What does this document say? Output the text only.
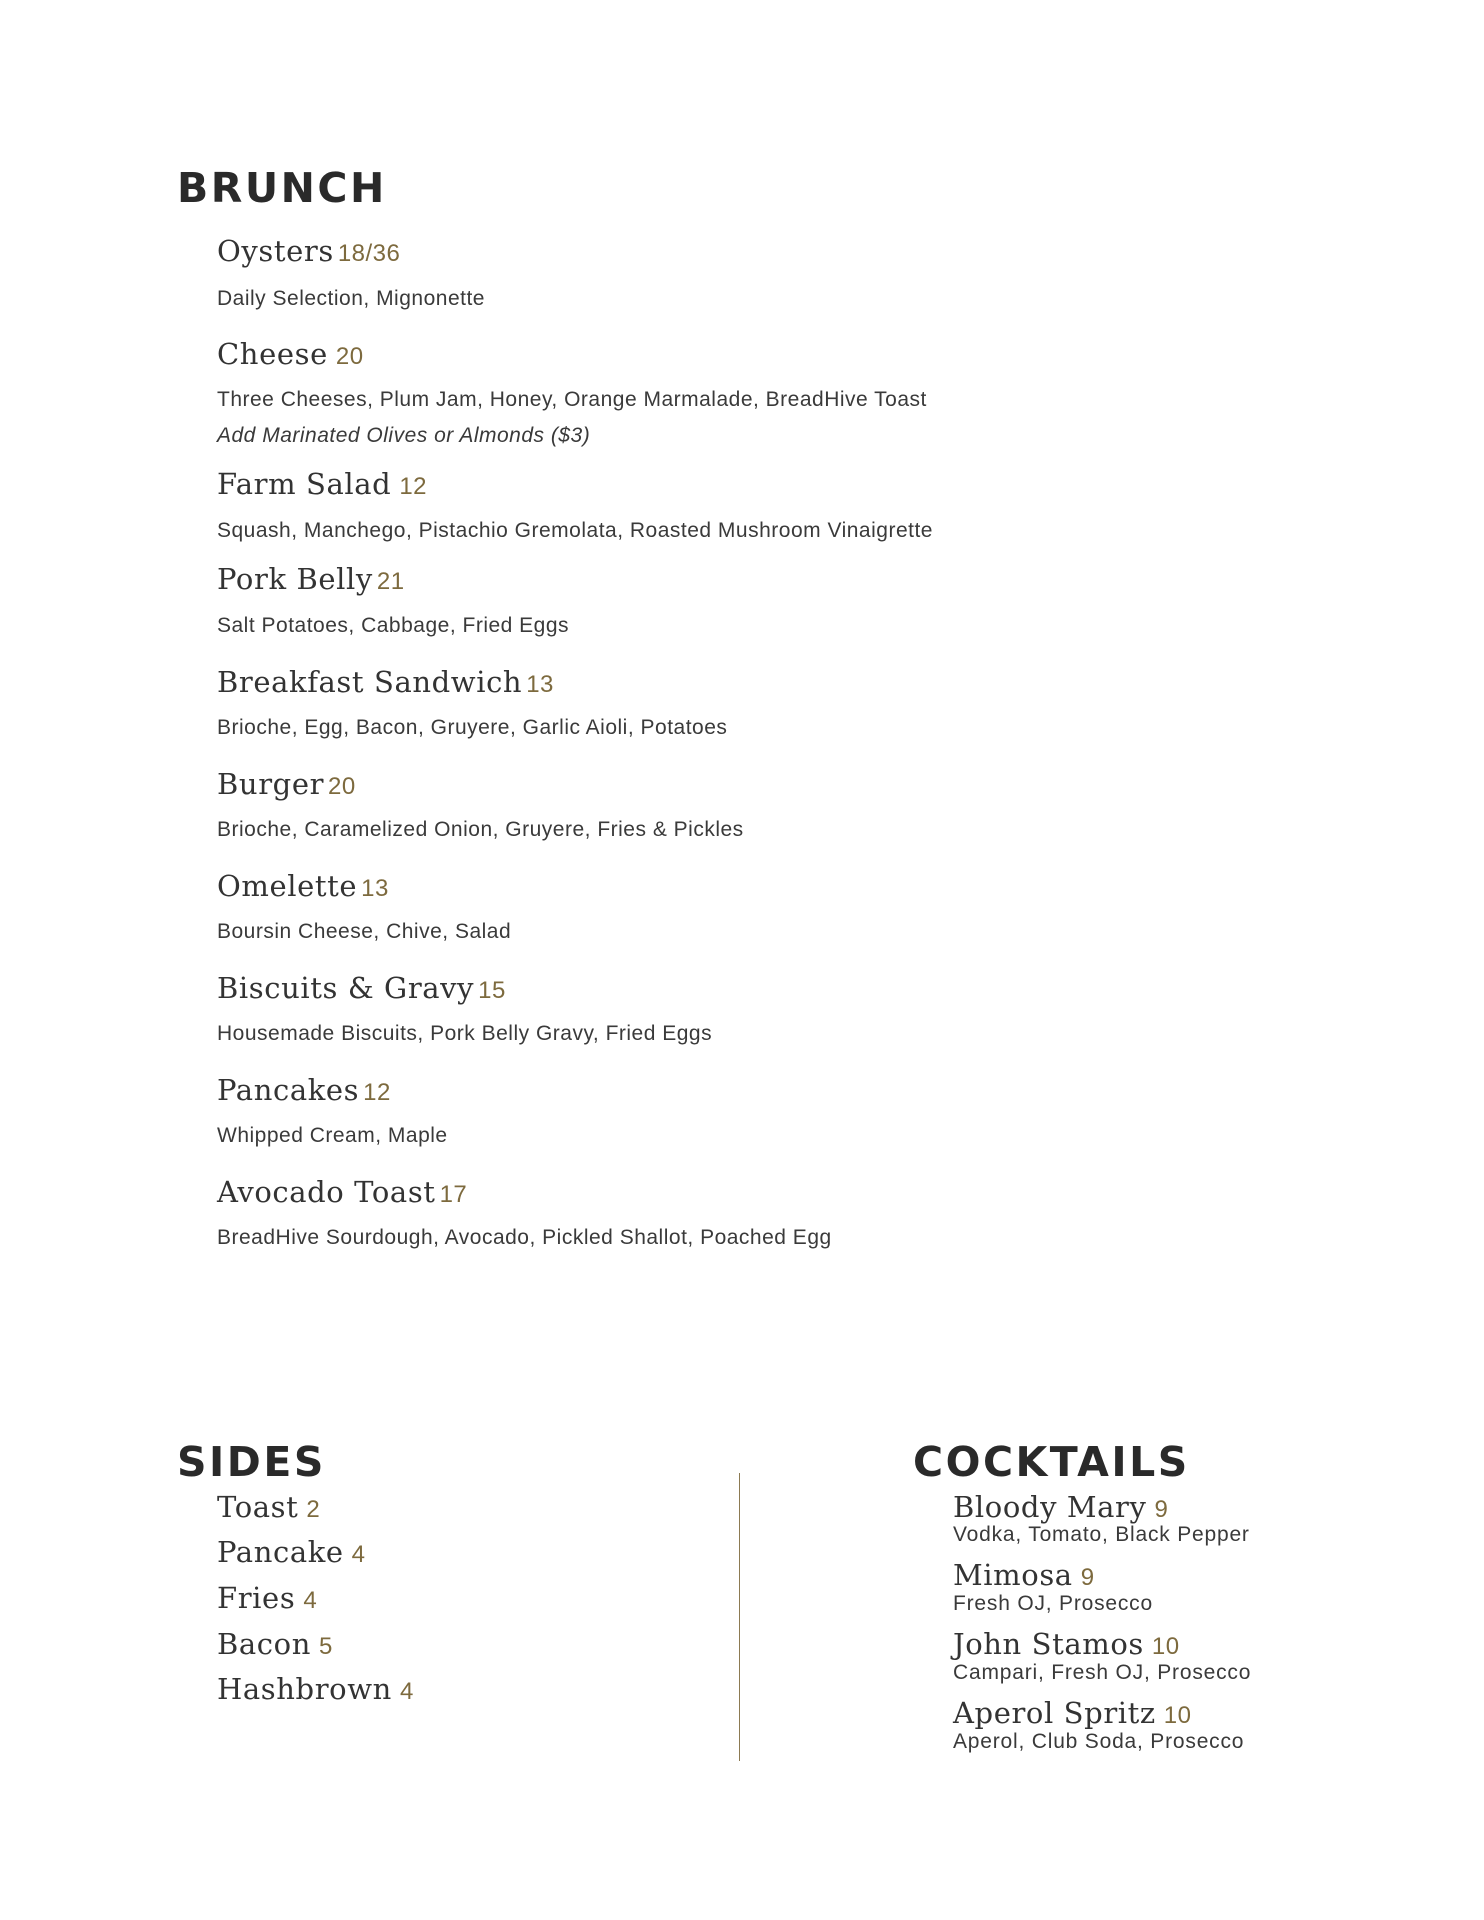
BRUNCH
Oysters 18/36
Daily Selection, Mignonette
Cheese 20
Three Cheeses, Plum Jam, Honey, Orange Marmalade, BreadHive Toast
Add Marinated Olives or Almonds ($3)
Farm Salad 12
Squash, Manchego, Pistachio Gremolata, Roasted Mushroom Vinaigrette
Pork Belly 21
Salt Potatoes, Cabbage, Fried Eggs
Breakfast Sandwich 13
Brioche, Egg, Bacon, Gruyere, Garlic Aioli, Potatoes
Burger 20
Brioche, Caramelized Onion, Gruyere, Fries & Pickles
Omelette 13
Boursin Cheese, Chive, Salad
Biscuits & Gravy 15
Housemade Biscuits, Pork Belly Gravy, Fried Eggs
Pancakes 12
Whipped Cream, Maple
Avocado Toast 17
BreadHive Sourdough, Avocado, Pickled Shallot, Poached Egg
SIDES
Toast 2
Pancake 4
Fries 4
Bacon 5
Hashbrown 4
COCKTAILS
Bloody Mary 9
Vodka, Tomato, Black Pepper
Mimosa 9
Fresh OJ, Prosecco
John Stamos 10
Campari, Fresh OJ, Prosecco
Aperol Spritz 10
Aperol, Club Soda, Prosecco
